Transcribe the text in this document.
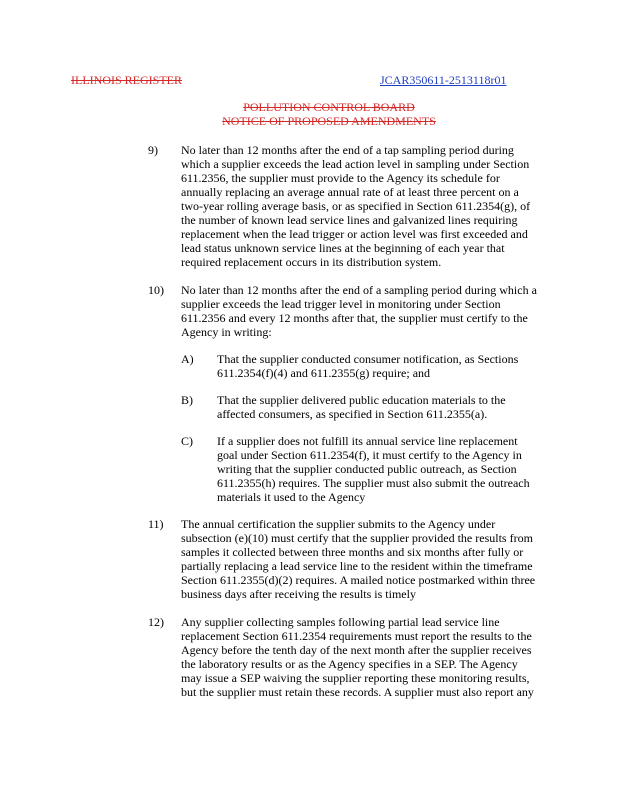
ILLINOIS REGISTER	JCAR350611-2513118r01
POLLUTION CONTROL BOARD
NOTICE OF PROPOSED AMENDMENTS
9) No later than 12 months after the end of a tap sampling period during
which a supplier exceeds the lead action level in sampling under Section
611.2356, the supplier must provide to the Agency its schedule for
annually replacing an average annual rate of at least three percent on a
two-year rolling average basis, or as specified in Section 611.2354(g), of
the number of known lead service lines and galvanized lines requiring
replacement when the lead trigger or action level was first exceeded and
lead status unknown service lines at the beginning of each year that
required replacement occurs in its distribution system.
10) No later than 12 months after the end of a sampling period during which a
supplier exceeds the lead trigger level in monitoring under Section
611.2356 and every 12 months after that, the supplier must certify to the
Agency in writing:
A) That the supplier conducted consumer notification, as Sections
611.2354(f)(4) and 611.2355(g) require; and
B) That the supplier delivered public education materials to the
affected consumers, as specified in Section 611.2355(a).
C) If a supplier does not fulfill its annual service line replacement
goal under Section 611.2354(f), it must certify to the Agency in
writing that the supplier conducted public outreach, as Section
611.2355(h) requires. The supplier must also submit the outreach
materials it used to the Agency
11) The annual certification the supplier submits to the Agency under
subsection (e)(10) must certify that the supplier provided the results from
samples it collected between three months and six months after fully or
partially replacing a lead service line to the resident within the timeframe
Section 611.2355(d)(2) requires. A mailed notice postmarked within three
business days after receiving the results is timely
12) Any supplier collecting samples following partial lead service line
replacement Section 611.2354 requirements must report the results to the
Agency before the tenth day of the next month after the supplier receives
the laboratory results or as the Agency specifies in a SEP. The Agency
may issue a SEP waiving the supplier reporting these monitoring results,
but the supplier must retain these records. A supplier must also report any
